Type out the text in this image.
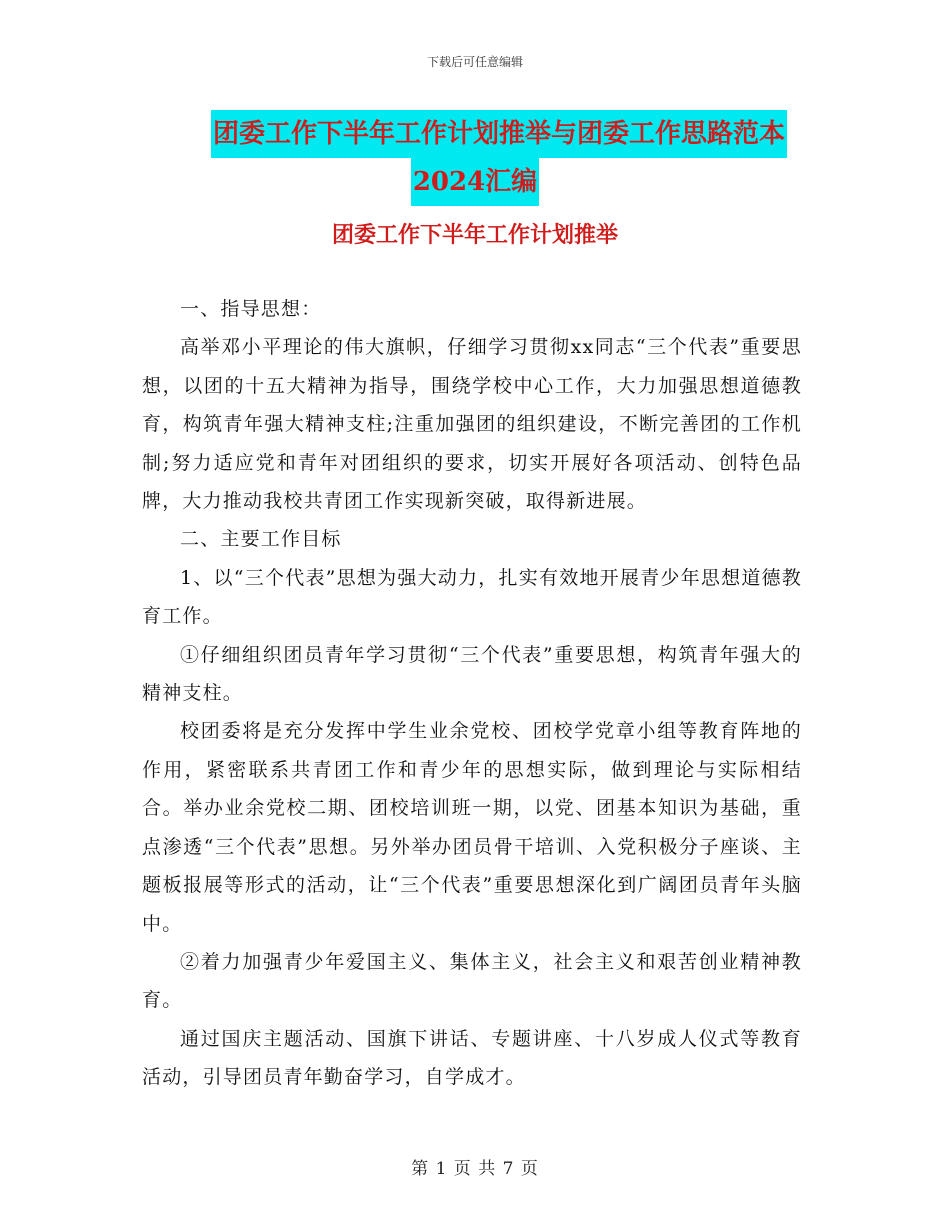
下载后可任意编辑
团委工作下半年工作计划推举与团委工作思路范本
2024汇编
团委工作下半年工作计划推举

一、指导思想：

高举邓小平理论的伟大旗帜，仔细学习贯彻xx同志“三个代表”重要思想，以团的十五大精神为指导，围绕学校中心工作，大力加强思想道德教育，构筑青年强大精神支柱;注重加强团的组织建设，不断完善团的工作机制;努力适应党和青年对团组织的要求，切实开展好各项活动、创特色品牌，大力推动我校共青团工作实现新突破，取得新进展。

二、主要工作目标

1、以“三个代表”思想为强大动力，扎实有效地开展青少年思想道德教育工作。

①仔细组织团员青年学习贯彻“三个代表”重要思想，构筑青年强大的精神支柱。

校团委将是充分发挥中学生业余党校、团校学党章小组等教育阵地的作用，紧密联系共青团工作和青少年的思想实际，做到理论与实际相结合。举办业余党校二期、团校培训班一期，以党、团基本知识为基础，重点渗透“三个代表”思想。另外举办团员骨干培训、入党积极分子座谈、主题板报展等形式的活动，让“三个代表”重要思想深化到广阔团员青年头脑中。

②着力加强青少年爱国主义、集体主义，社会主义和艰苦创业精神教育。

通过国庆主题活动、国旗下讲话、专题讲座、十八岁成人仪式等教育活动，引导团员青年勤奋学习，自学成才。

第 1 页 共 7 页
